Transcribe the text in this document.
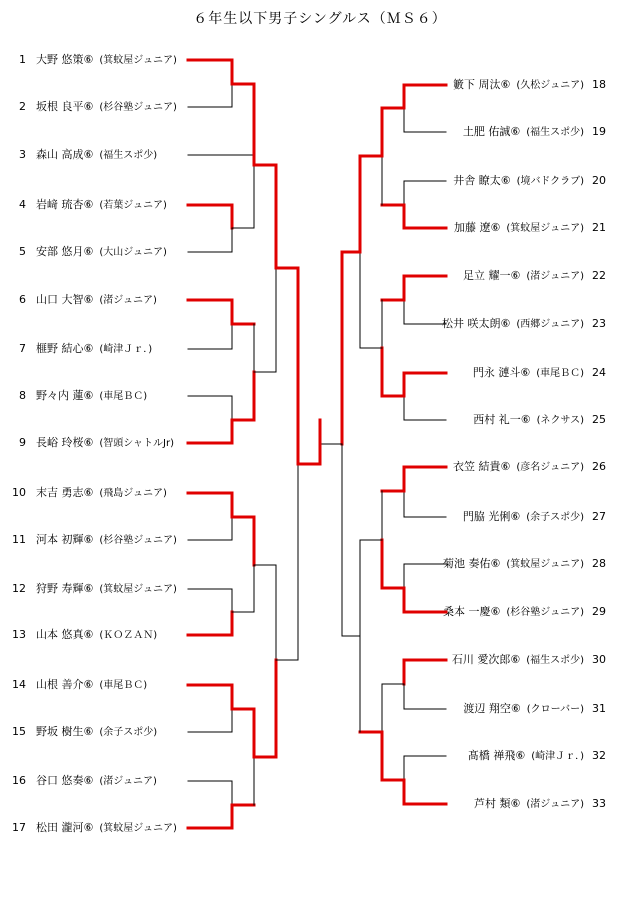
６年生以下男子シングルス（ＭＳ６）
1 大野 悠策⑥ (箕蚊屋ジュニア)
2 坂根 良平⑥ (杉谷塾ジュニア)
3 森山 高成⑥ (福生スポ少)
4 岩﨑 琉杏⑥ (若葉ジュニア)
5 安部 悠月⑥ (大山ジュニア)
6 山口 大智⑥ (渚ジュニア)
7 榧野 結心⑥ (崎津Ｊｒ．)
8 野々内 蓮⑥ (車尾ＢＣ)
9 長峪 玲桜⑥ (智頭シャトルJr)
10 末吉 勇志⑥ (飛島ジュニア)
11 河本 初輝⑥ (杉谷塾ジュニア)
12 狩野 寿輝⑥ (箕蚊屋ジュニア)
13 山本 悠真⑥ (ＫＯＺＡＮ)
14 山根 善介⑥ (車尾ＢＣ)
15 野坂 樹生⑥ (余子スポ少)
16 谷口 悠奏⑥ (渚ジュニア)
17 松田 瀧河⑥ (箕蚊屋ジュニア)
籔下 周汰⑥ (久松ジュニア) 18
土肥 佑誠⑥ (福生スポ少) 19
井舎 瞭太⑥ (境バドクラブ) 20
加藤 遼⑥ (箕蚊屋ジュニア) 21
足立 耀一⑥ (渚ジュニア) 22
松井 咲太朗⑥ (西郷ジュニア) 23
門永 漣斗⑥ (車尾ＢＣ) 24
西村 礼一⑥ (ネクサス) 25
衣笠 結貴⑥ (彦名ジュニア) 26
門脇 光俐⑥ (余子スポ少) 27
菊池 奏佑⑥ (箕蚊屋ジュニア) 28
桑本 一慶⑥ (杉谷塾ジュニア) 29
石川 愛次郎⑥ (福生スポ少) 30
渡辺 翔空⑥ (クローバー) 31
髙橋 禅飛⑥ (崎津Ｊｒ．) 32
芦村 類⑥ (渚ジュニア) 33
